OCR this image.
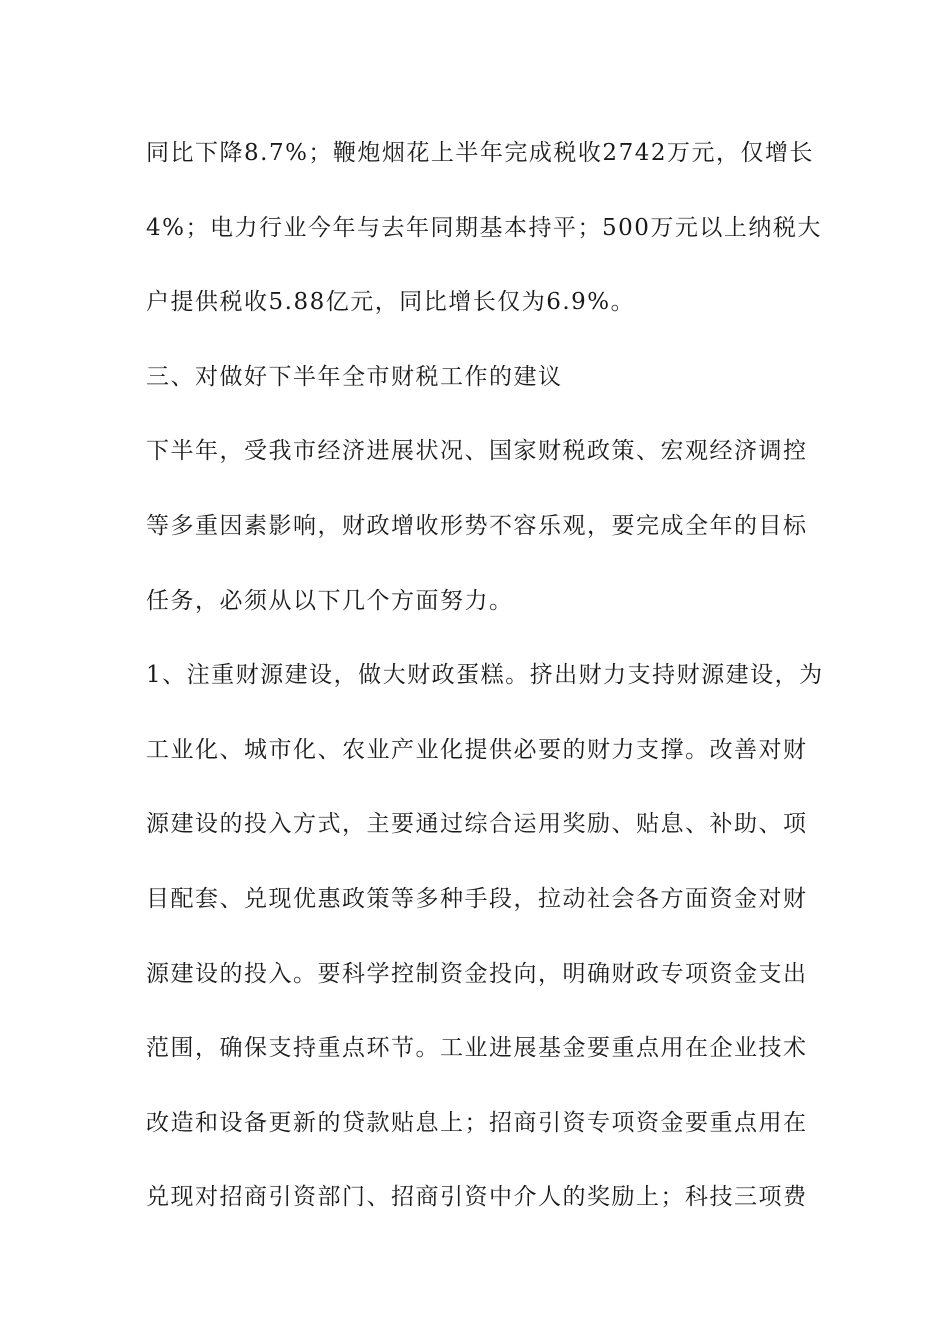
同比下降8.7%；鞭炮烟花上半年完成税收2742万元，仅增长
4%；电力行业今年与去年同期基本持平；500万元以上纳税大
户提供税收5.88亿元，同比增长仅为6.9%。
三、对做好下半年全市财税工作的建议
下半年，受我市经济进展状况、国家财税政策、宏观经济调控
等多重因素影响，财政增收形势不容乐观，要完成全年的目标
任务，必须从以下几个方面努力。
1、注重财源建设，做大财政蛋糕。挤出财力支持财源建设，为
工业化、城市化、农业产业化提供必要的财力支撑。改善对财
源建设的投入方式，主要通过综合运用奖励、贴息、补助、项
目配套、兑现优惠政策等多种手段，拉动社会各方面资金对财
源建设的投入。要科学控制资金投向，明确财政专项资金支出
范围，确保支持重点环节。工业进展基金要重点用在企业技术
改造和设备更新的贷款贴息上；招商引资专项资金要重点用在
兑现对招商引资部门、招商引资中介人的奖励上；科技三项费
